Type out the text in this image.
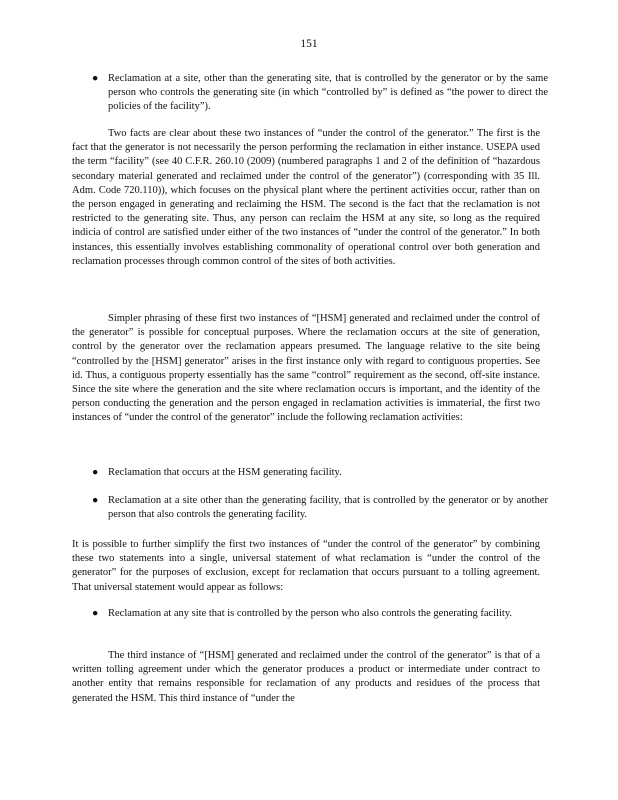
151
● Reclamation at a site, other than the generating site, that is controlled by the generator or by the same person who controls the generating site (in which “controlled by” is defined as “the power to direct the policies of the facility”).
Two facts are clear about these two instances of “under the control of the generator.” The first is the fact that the generator is not necessarily the person performing the reclamation in either instance. USEPA used the term “facility” (see 40 C.F.R. 260.10 (2009) (numbered paragraphs 1 and 2 of the definition of “hazardous secondary material generated and reclaimed under the control of the generator”) (corresponding with 35 Ill. Adm. Code 720.110)), which focuses on the physical plant where the pertinent activities occur, rather than on the person engaged in generating and reclaiming the HSM. The second is the fact that the reclamation is not restricted to the generating site. Thus, any person can reclaim the HSM at any site, so long as the required indicia of control are satisfied under either of the two instances of “under the control of the generator.” In both instances, this essentially involves establishing commonality of operational control over both generation and reclamation processes through common control of the sites of both activities.
Simpler phrasing of these first two instances of “[HSM] generated and reclaimed under the control of the generator” is possible for conceptual purposes. Where the reclamation occurs at the site of generation, control by the generator over the reclamation appears presumed. The language relative to the site being “controlled by the [HSM] generator” arises in the first instance only with regard to contiguous properties. See id. Thus, a contiguous property essentially has the same “control” requirement as the second, off-site instance. Since the site where the generation and the site where reclamation occurs is important, and the identity of the person conducting the generation and the person engaged in reclamation activities is immaterial, the first two instances of “under the control of the generator” include the following reclamation activities:
● Reclamation that occurs at the HSM generating facility.
● Reclamation at a site other than the generating facility, that is controlled by the generator or by another person that also controls the generating facility.
It is possible to further simplify the first two instances of “under the control of the generator” by combining these two statements into a single, universal statement of what reclamation is “under the control of the generator” for the purposes of exclusion, except for reclamation that occurs pursuant to a tolling agreement. That universal statement would appear as follows:
● Reclamation at any site that is controlled by the person who also controls the generating facility.
The third instance of “[HSM] generated and reclaimed under the control of the generator” is that of a written tolling agreement under which the generator produces a product or intermediate under contract to another entity that remains responsible for reclamation of any products and residues of the process that generated the HSM. This third instance of “under the
